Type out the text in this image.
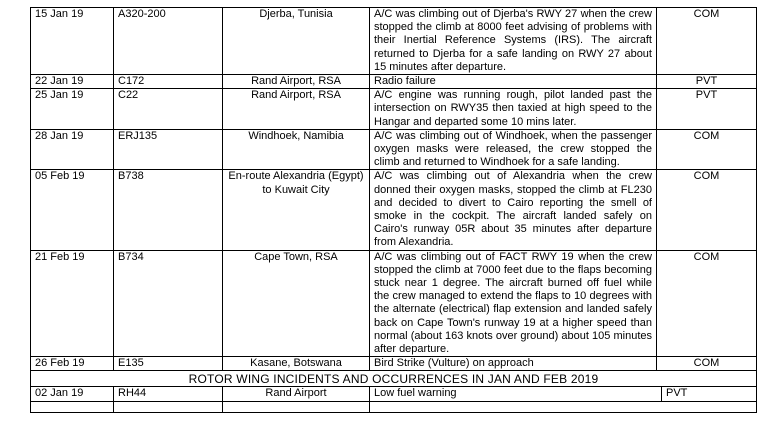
15 Jan 19	A320-200	Djerba, Tunisia	A/C was climbing out of Djerba's RWY 27 when the crew stopped the climb at 8000 feet advising of problems with their Inertial Reference Systems (IRS). The aircraft returned to Djerba for a safe landing on RWY 27 about 15 minutes after departure.	COM
22 Jan 19	C172	Rand Airport, RSA	Radio failure	PVT
25 Jan 19	C22	Rand Airport, RSA	A/C engine was running rough, pilot landed past the intersection on RWY35 then taxied at high speed to the Hangar and departed some 10 mins later.	PVT
28 Jan 19	ERJ135	Windhoek, Namibia	A/C was climbing out of Windhoek, when the passenger oxygen masks were released, the crew stopped the climb and returned to Windhoek for a safe landing.	COM
05 Feb 19	B738	En-route Alexandria (Egypt) to Kuwait City	A/C was climbing out of Alexandria when the crew donned their oxygen masks, stopped the climb at FL230 and decided to divert to Cairo reporting the smell of smoke in the cockpit. The aircraft landed safely on Cairo's runway 05R about 35 minutes after departure from Alexandria.	COM
21 Feb 19	B734	Cape Town, RSA	A/C was climbing out of FACT RWY 19 when the crew stopped the climb at 7000 feet due to the flaps becoming stuck near 1 degree. The aircraft burned off fuel while the crew managed to extend the flaps to 10 degrees with the alternate (electrical) flap extension and landed safely back on Cape Town's runway 19 at a higher speed than normal (about 163 knots over ground) about 105 minutes after departure.	COM
26 Feb 19	E135	Kasane, Botswana	Bird Strike (Vulture) on approach	COM
ROTOR WING INCIDENTS AND OCCURRENCES IN JAN AND FEB 2019				
02 Jan 19	RH44	Rand Airport	Low fuel warning PVT	
